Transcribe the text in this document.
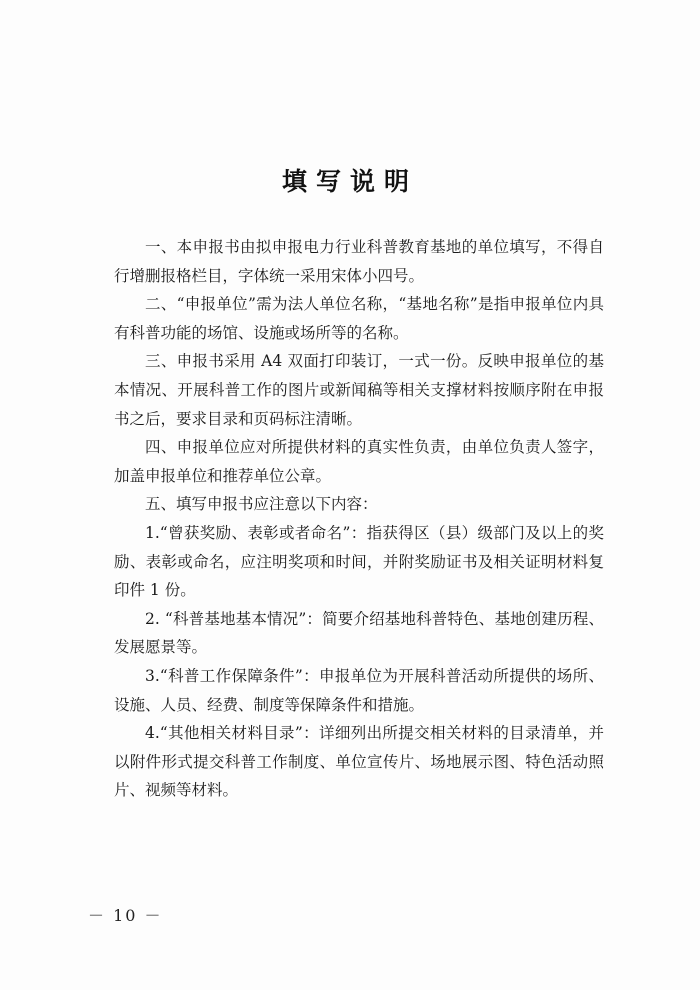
填写说明

一、本申报书由拟申报电力行业科普教育基地的单位填写，不得自行增删报格栏目，字体统一采用宋体小四号。

二、“申报单位”需为法人单位名称，“基地名称”是指申报单位内具有科普功能的场馆、设施或场所等的名称。

三、申报书采用 A4 双面打印装订，一式一份。反映申报单位的基本情况、开展科普工作的图片或新闻稿等相关支撑材料按顺序附在申报书之后，要求目录和页码标注清晰。

四、申报单位应对所提供材料的真实性负责，由单位负责人签字，加盖申报单位和推荐单位公章。

五、填写申报书应注意以下内容：

1.“曾获奖励、表彰或者命名”：指获得区（县）级部门及以上的奖励、表彰或命名，应注明奖项和时间，并附奖励证书及相关证明材料复印件 1 份。

2. “科普基地基本情况”：简要介绍基地科普特色、基地创建历程、发展愿景等。

3.“科普工作保障条件”：申报单位为开展科普活动所提供的场所、设施、人员、经费、制度等保障条件和措施。

4.“其他相关材料目录”：详细列出所提交相关材料的目录清单，并以附件形式提交科普工作制度、单位宣传片、场地展示图、特色活动照片、视频等材料。

－ 10 －
